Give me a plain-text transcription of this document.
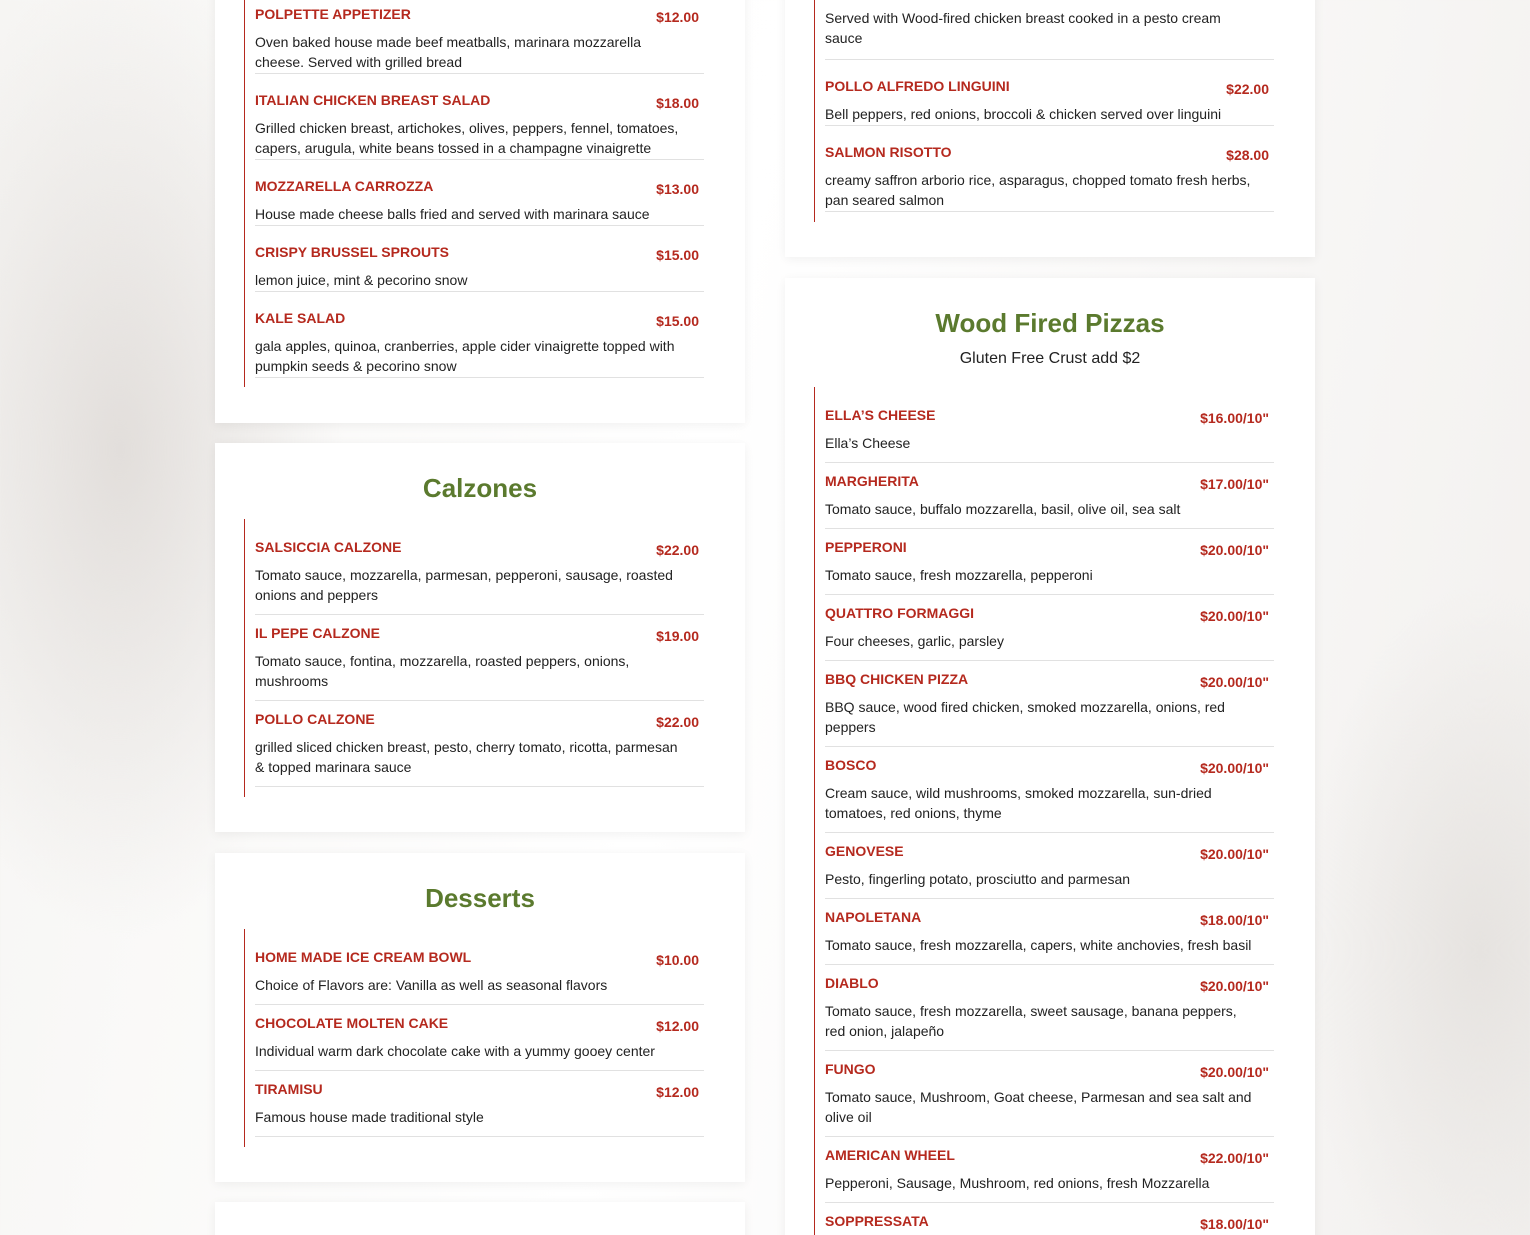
POLPETTE APPETIZER	$12.00
Oven baked house made beef meatballs, marinara mozzarella cheese. Served with grilled bread
ITALIAN CHICKEN BREAST SALAD	$18.00
Grilled chicken breast, artichokes, olives, peppers, fennel, tomatoes, capers, arugula, white beans tossed in a champagne vinaigrette
MOZZARELLA CARROZZA	$13.00
House made cheese balls fried and served with marinara sauce
CRISPY BRUSSEL SPROUTS	$15.00
lemon juice, mint & pecorino snow
KALE SALAD	$15.00
gala apples, quinoa, cranberries, apple cider vinaigrette topped with pumpkin seeds & pecorino snow
Calzones
SALSICCIA CALZONE	$22.00
Tomato sauce, mozzarella, parmesan, pepperoni, sausage, roasted onions and peppers
IL PEPE CALZONE	$19.00
Tomato sauce, fontina, mozzarella, roasted peppers, onions, mushrooms
POLLO CALZONE	$22.00
grilled sliced chicken breast, pesto, cherry tomato, ricotta, parmesan & topped marinara sauce
Desserts
HOME MADE ICE CREAM BOWL	$10.00
Choice of Flavors are: Vanilla as well as seasonal flavors
CHOCOLATE MOLTEN CAKE	$12.00
Individual warm dark chocolate cake with a yummy gooey center
TIRAMISU	$12.00
Famous house made traditional style
Served with Wood-fired chicken breast cooked in a pesto cream sauce
POLLO ALFREDO LINGUINI	$22.00
Bell peppers, red onions, broccoli & chicken served over linguini
SALMON RISOTTO	$28.00
creamy saffron arborio rice, asparagus, chopped tomato fresh herbs, pan seared salmon
Wood Fired Pizzas
Gluten Free Crust add $2
ELLA’S CHEESE	$16.00/10"
Ella’s Cheese
MARGHERITA	$17.00/10"
Tomato sauce, buffalo mozzarella, basil, olive oil, sea salt
PEPPERONI	$20.00/10"
Tomato sauce, fresh mozzarella, pepperoni
QUATTRO FORMAGGI	$20.00/10"
Four cheeses, garlic, parsley
BBQ CHICKEN PIZZA	$20.00/10"
BBQ sauce, wood fired chicken, smoked mozzarella, onions, red peppers
BOSCO	$20.00/10"
Cream sauce, wild mushrooms, smoked mozzarella, sun-dried tomatoes, red onions, thyme
GENOVESE	$20.00/10"
Pesto, fingerling potato, prosciutto and parmesan
NAPOLETANA	$18.00/10"
Tomato sauce, fresh mozzarella, capers, white anchovies, fresh basil
DIABLO	$20.00/10"
Tomato sauce, fresh mozzarella, sweet sausage, banana peppers, red onion, jalapeño
FUNGO	$20.00/10"
Tomato sauce, Mushroom, Goat cheese, Parmesan and sea salt and olive oil
AMERICAN WHEEL	$22.00/10"
Pepperoni, Sausage, Mushroom, red onions, fresh Mozzarella
SOPPRESSATA	$18.00/10"
